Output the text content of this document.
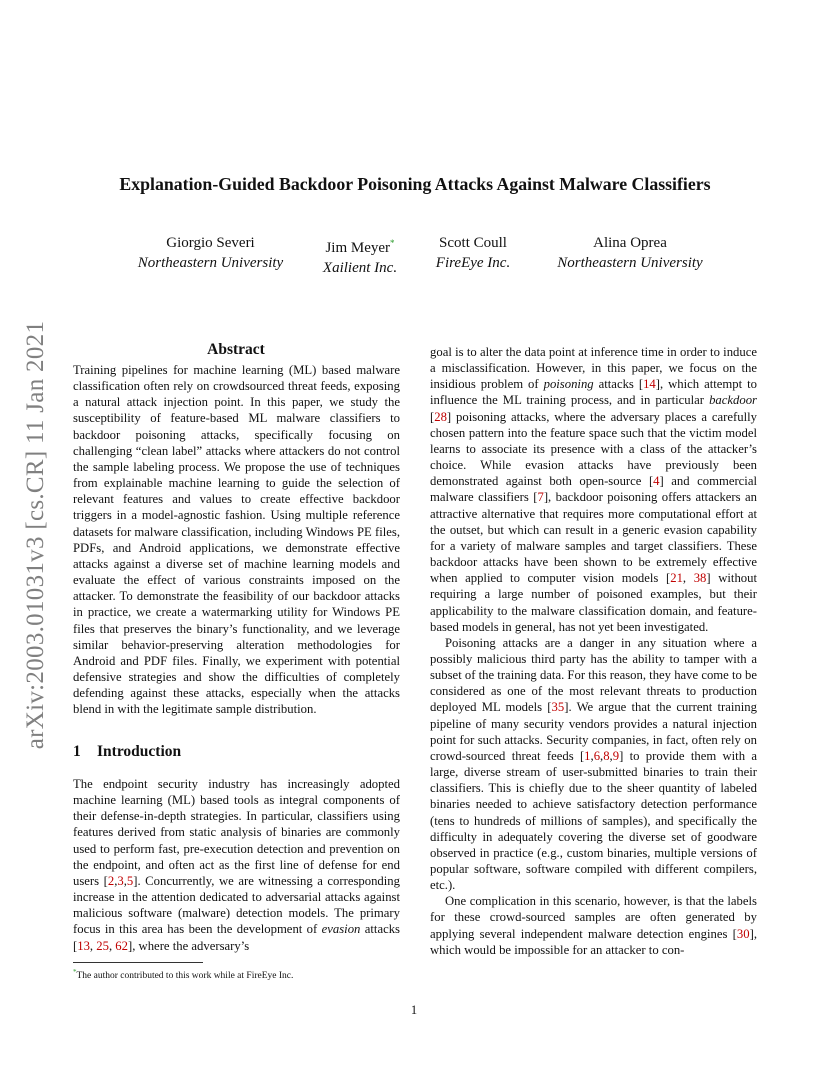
arXiv:2003.01031v3 [cs.CR] 11 Jan 2021
Explanation-Guided Backdoor Poisoning Attacks Against Malware Classifiers
Giorgio Severi
Northeastern University
Jim Meyer*
Xailient Inc.
Scott Coull
FireEye Inc.
Alina Oprea
Northeastern University
Abstract

Training pipelines for machine learning (ML) based malware classification often rely on crowdsourced threat feeds, exposing a natural attack injection point. In this paper, we study the susceptibility of feature-based ML malware classifiers to backdoor poisoning attacks, specifically focusing on challenging “clean label” attacks where attackers do not control the sample labeling process. We propose the use of techniques from explainable machine learning to guide the selection of relevant features and values to create effective backdoor triggers in a model-agnostic fashion. Using multiple reference datasets for malware classification, including Windows PE files, PDFs, and Android applications, we demonstrate effective attacks against a diverse set of machine learning models and evaluate the effect of various constraints imposed on the attacker. To demonstrate the feasibility of our backdoor attacks in practice, we create a watermarking utility for Windows PE files that preserves the binary’s functionality, and we leverage similar behavior-preserving alteration methodologies for Android and PDF files. Finally, we experiment with potential defensive strategies and show the difficulties of completely defending against these attacks, especially when the attacks blend in with the legitimate sample distribution.

1 Introduction

The endpoint security industry has increasingly adopted machine learning (ML) based tools as integral components of their defense-in-depth strategies. In particular, classifiers using features derived from static analysis of binaries are commonly used to perform fast, pre-execution detection and prevention on the endpoint, and often act as the first line of defense for end users [2,3,5]. Concurrently, we are witnessing a corresponding increase in the attention dedicated to adversarial attacks against malicious software (malware) detection models. The primary focus in this area has been the development of evasion attacks [13, 25, 62], where the adversary’s

goal is to alter the data point at inference time in order to induce a misclassification. However, in this paper, we focus on the insidious problem of poisoning attacks [14], which attempt to influence the ML training process, and in particular backdoor [28] poisoning attacks, where the adversary places a carefully chosen pattern into the feature space such that the victim model learns to associate its presence with a class of the attacker’s choice. While evasion attacks have previously been demonstrated against both open-source [4] and commercial malware classifiers [7], backdoor poisoning offers attackers an attractive alternative that requires more computational effort at the outset, but which can result in a generic evasion capability for a variety of malware samples and target classifiers. These backdoor attacks have been shown to be extremely effective when applied to computer vision models [21, 38] without requiring a large number of poisoned examples, but their applicability to the malware classification domain, and feature-based models in general, has not yet been investigated.

Poisoning attacks are a danger in any situation where a possibly malicious third party has the ability to tamper with a subset of the training data. For this reason, they have come to be considered as one of the most relevant threats to production deployed ML models [35]. We argue that the current training pipeline of many security vendors provides a natural injection point for such attacks. Security companies, in fact, often rely on crowd-sourced threat feeds [1,6,8,9] to provide them with a large, diverse stream of user-submitted binaries to train their classifiers. This is chiefly due to the sheer quantity of labeled binaries needed to achieve satisfactory detection performance (tens to hundreds of millions of samples), and specifically the difficulty in adequately covering the diverse set of goodware observed in practice (e.g., custom binaries, multiple versions of popular software, software compiled with different compilers, etc.).

One complication in this scenario, however, is that the labels for these crowd-sourced samples are often generated by applying several independent malware detection engines [30], which would be impossible for an attacker to con-

*The author contributed to this work while at FireEye Inc.
1
